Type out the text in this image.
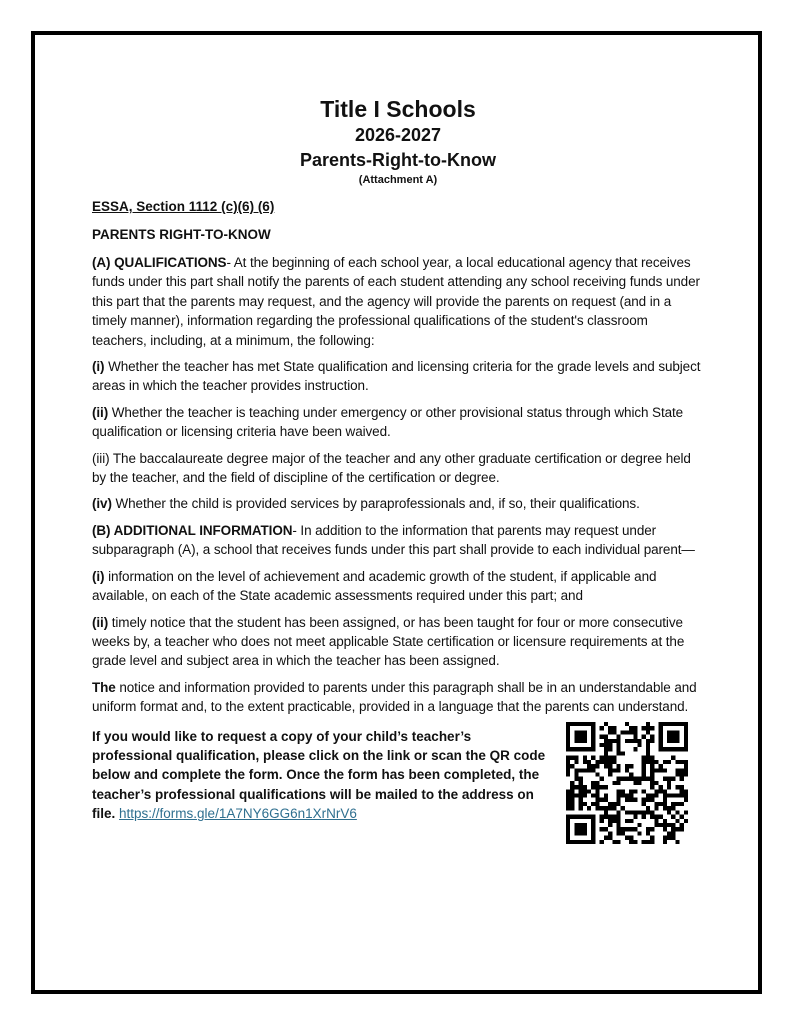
Title I Schools
2026-2027
Parents-Right-to-Know
(Attachment A)
ESSA, Section 1112 (c)(6) (6)
PARENTS RIGHT-TO-KNOW

(A) QUALIFICATIONS- At the beginning of each school year, a local educational agency that receives funds under this part shall notify the parents of each student attending any school receiving funds under this part that the parents may request, and the agency will provide the parents on request (and in a timely manner), information regarding the professional qualifications of the student's classroom teachers, including, at a minimum, the following:

(i) Whether the teacher has met State qualification and licensing criteria for the grade levels and subject areas in which the teacher provides instruction.

(ii) Whether the teacher is teaching under emergency or other provisional status through which State qualification or licensing criteria have been waived.

(iii) The baccalaureate degree major of the teacher and any other graduate certification or degree held by the teacher, and the field of discipline of the certification or degree.

(iv) Whether the child is provided services by paraprofessionals and, if so, their qualifications.

(B) ADDITIONAL INFORMATION- In addition to the information that parents may request under subparagraph (A), a school that receives funds under this part shall provide to each individual parent—

(i) information on the level of achievement and academic growth of the student, if applicable and available, on each of the State academic assessments required under this part; and

(ii) timely notice that the student has been assigned, or has been taught for four or more consecutive weeks by, a teacher who does not meet applicable State certification or licensure requirements at the grade level and subject area in which the teacher has been assigned.

The notice and information provided to parents under this paragraph shall be in an understandable and uniform format and, to the extent practicable, provided in a language that the parents can understand.

If you would like to request a copy of your child’s teacher’s professional qualification, please click on the link or scan the QR code below and complete the form. Once the form has been completed, the teacher’s professional qualifications will be mailed to the address on file. https://forms.gle/1A7NY6GG6n1XrNrV6
